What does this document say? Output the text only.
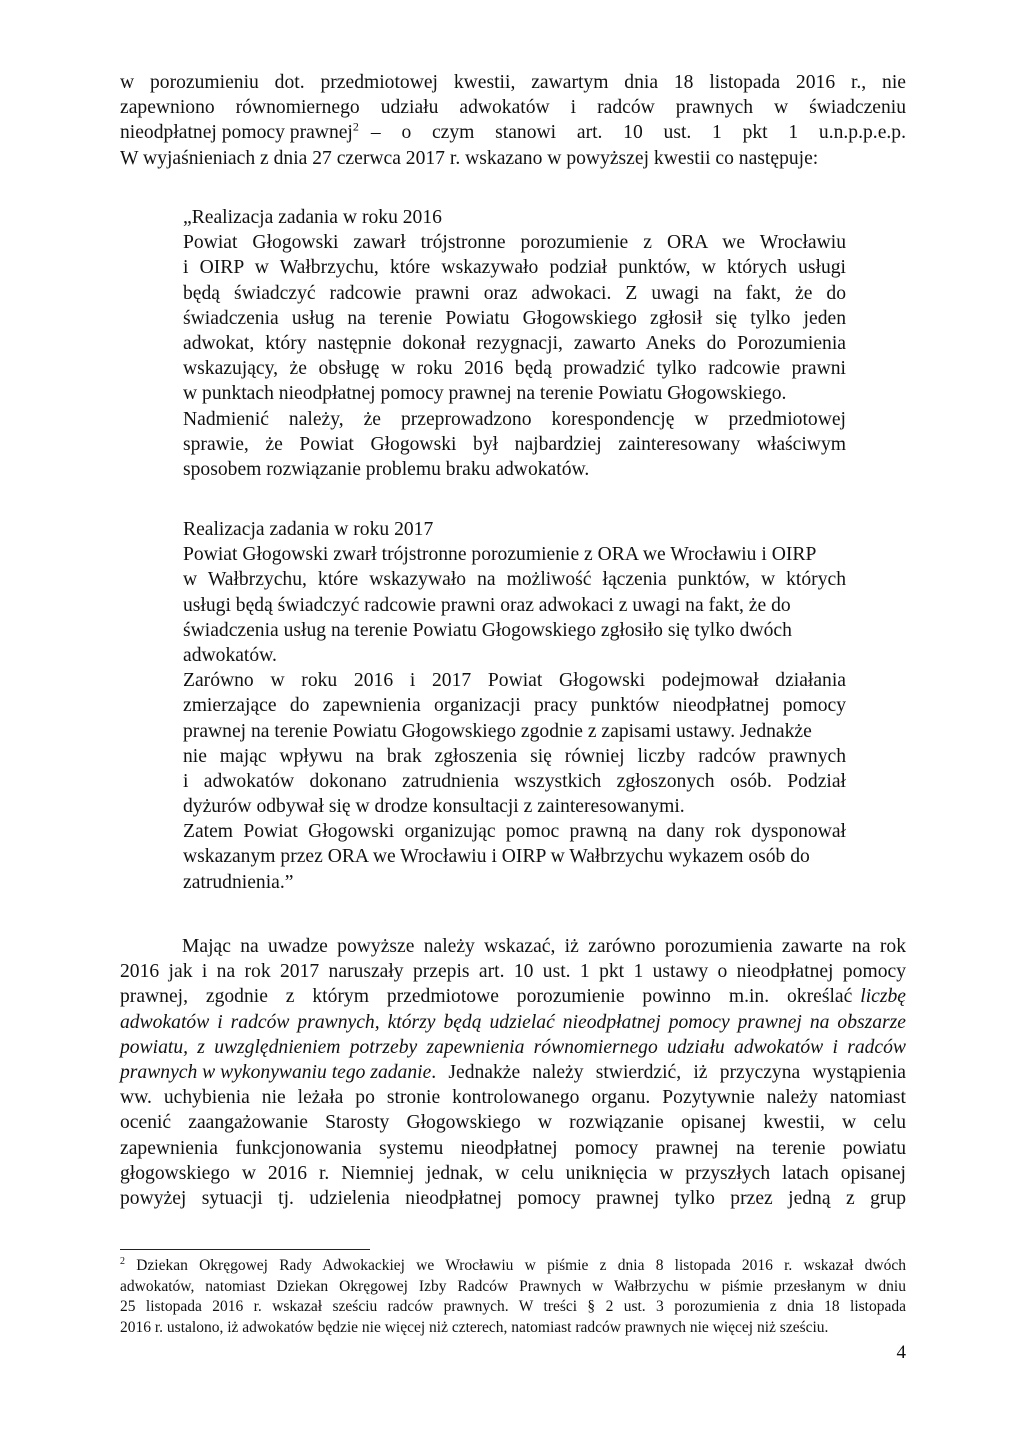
w porozumieniu dot. przedmiotowej kwestii, zawartym dnia 18 listopada 2016 r., nie
zapewniono równomiernego udziału adwokatów i radców prawnych w świadczeniu
nieodpłatnej pomocy prawnej$^2$ – o czym stanowi art. 10 ust. 1 pkt 1 u.n.p.p.e.p.
W wyjaśnieniach z dnia 27 czerwca 2017 r. wskazano w powyższej kwestii co następuje:
„Realizacja zadania w roku 2016
Powiat Głogowski zawarł trójstronne porozumienie z ORA we Wrocławiu
i OIRP w Wałbrzychu, które wskazywało podział punktów, w których usługi
będą świadczyć radcowie prawni oraz adwokaci. Z uwagi na fakt, że do
świadczenia usług na terenie Powiatu Głogowskiego zgłosił się tylko jeden
adwokat, który następnie dokonał rezygnacji, zawarto Aneks do Porozumienia
wskazujący, że obsługę w roku 2016 będą prowadzić tylko radcowie prawni
w punktach nieodpłatnej pomocy prawnej na terenie Powiatu Głogowskiego.
Nadmienić należy, że przeprowadzono korespondencję w przedmiotowej
sprawie, że Powiat Głogowski był najbardziej zainteresowany właściwym
sposobem rozwiązanie problemu braku adwokatów.
Realizacja zadania w roku 2017
Powiat Głogowski zwarł trójstronne porozumienie z ORA we Wrocławiu i OIRP
w Wałbrzychu, które wskazywało na możliwość łączenia punktów, w których
usługi będą świadczyć radcowie prawni oraz adwokaci z uwagi na fakt, że do
świadczenia usług na terenie Powiatu Głogowskiego zgłosiło się tylko dwóch
adwokatów.
Zarówno w roku 2016 i 2017 Powiat Głogowski podejmował działania
zmierzające do zapewnienia organizacji pracy punktów nieodpłatnej pomocy
prawnej na terenie Powiatu Głogowskiego zgodnie z zapisami ustawy. Jednakże
nie mając wpływu na brak zgłoszenia się równiej liczby radców prawnych
i adwokatów dokonano zatrudnienia wszystkich zgłoszonych osób. Podział
dyżurów odbywał się w drodze konsultacji z zainteresowanymi.
Zatem Powiat Głogowski organizując pomoc prawną na dany rok dysponował
wskazanym przez ORA we Wrocławiu i OIRP w Wałbrzychu wykazem osób do
zatrudnienia.”
Mając na uwadze powyższe należy wskazać, iż zarówno porozumienia zawarte na rok
2016 jak i na rok 2017 naruszały przepis art. 10 ust. 1 pkt 1 ustawy o nieodpłatnej pomocy
prawnej, zgodnie z którym przedmiotowe porozumienie powinno m.in. określać liczbę
adwokatów i radców prawnych, którzy będą udzielać nieodpłatnej pomocy prawnej na obszarze
powiatu, z uwzględnieniem potrzeby zapewnienia równomiernego udziału adwokatów i radców
prawnych w wykonywaniu tego zadanie . Jednakże należy stwierdzić, iż przyczyna wystąpienia
ww. uchybienia nie leżała po stronie kontrolowanego organu. Pozytywnie należy natomiast
ocenić zaangażowanie Starosty Głogowskiego w rozwiązanie opisanej kwestii, w celu
zapewnienia funkcjonowania systemu nieodpłatnej pomocy prawnej na terenie powiatu
głogowskiego w 2016 r. Niemniej jednak, w celu uniknięcia w przyszłych latach opisanej
powyżej sytuacji tj. udzielenia nieodpłatnej pomocy prawnej tylko przez jedną z grup
$^2$ Dziekan Okręgowej Rady Adwokackiej we Wrocławiu w piśmie z dnia 8 listopada 2016 r. wskazał dwóch
adwokatów, natomiast Dziekan Okręgowej Izby Radców Prawnych w Wałbrzychu w piśmie przesłanym w dniu
25 listopada 2016 r. wskazał sześciu radców prawnych. W treści § 2 ust. 3 porozumienia z dnia 18 listopada
2016 r. ustalono, iż adwokatów będzie nie więcej niż czterech, natomiast radców prawnych nie więcej niż sześciu.
4
